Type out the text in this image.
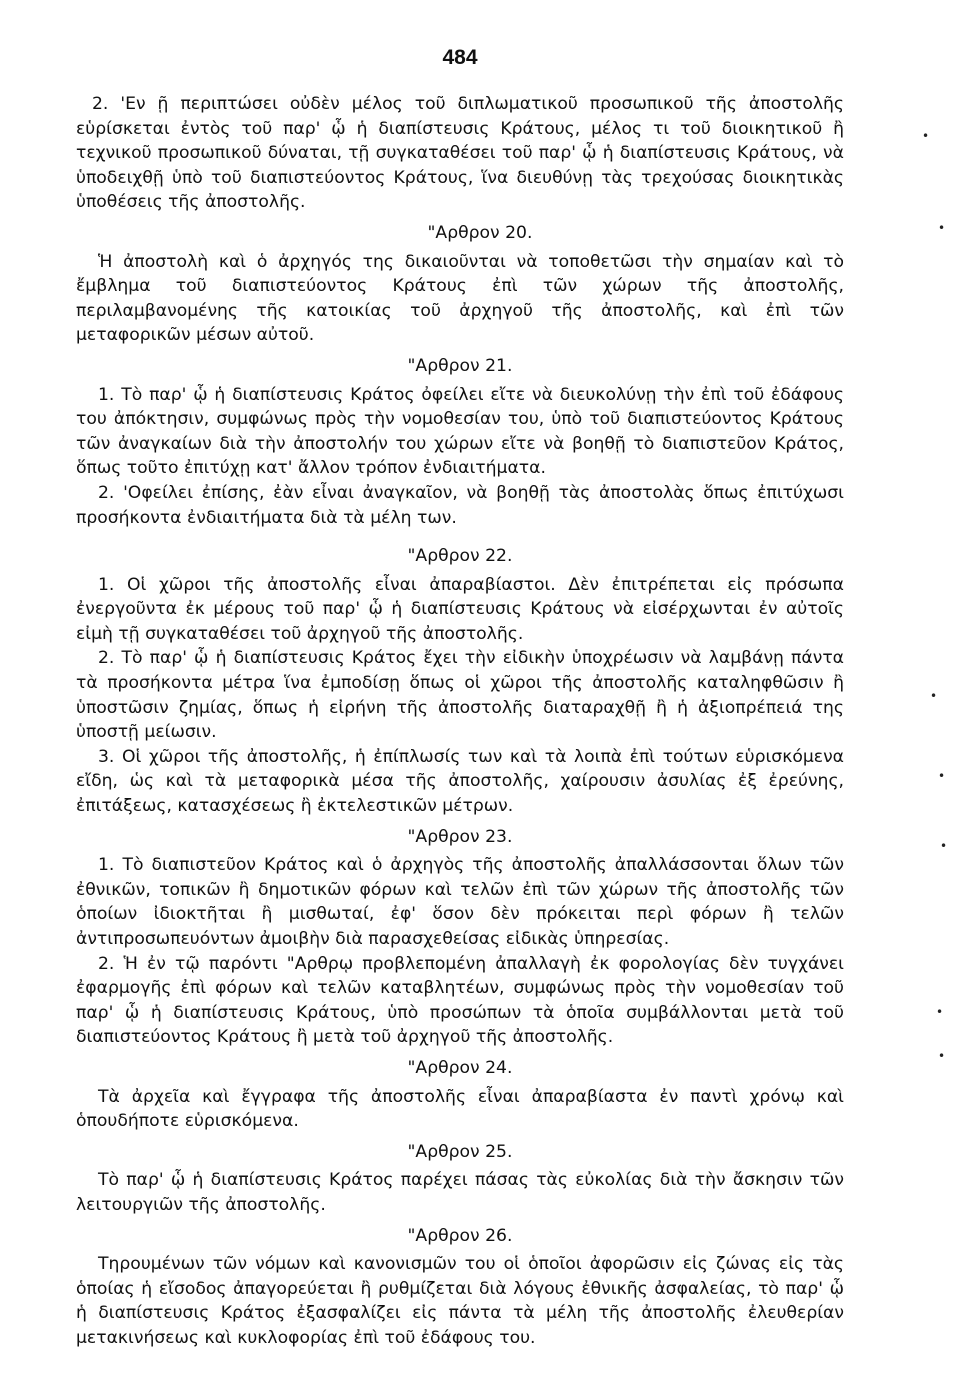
484

2. 'Εν ῇ περιπτώσει οὐδὲν μέλος τοῦ διπλωματικοῦ προσωπικοῦ τῆς ἀποστολῆς εὑρίσκεται ἐντὸς τοῦ παρ' ᾧ ἡ διαπίστευσις Κράτους, μέλος τι τοῦ διοικητικοῦ ἢ τεχνικοῦ προσωπικοῦ δύναται, τῇ συγκαταθέσει τοῦ παρ' ᾧ ἡ διαπίστευσις Κράτους, νὰ ὑποδειχθῇ ὑπὸ τοῦ διαπιστεύοντος Κράτους, ἵνα διευθύνῃ τὰς τρεχούσας διοικητικὰς ὑποθέσεις τῆς ἀποστολῆς.

"Αρθρον 20.

Ἡ ἀποστολὴ καὶ ὁ ἀρχηγός της δικαιοῦνται νὰ τοποθετῶσι τὴν σημαίαν καὶ τὸ ἔμβλημα τοῦ διαπιστεύοντος Κράτους ἐπὶ τῶν χώρων τῆς ἀποστολῆς, περιλαμβανομένης τῆς κατοικίας τοῦ ἀρχηγοῦ τῆς ἀποστολῆς, καὶ ἐπὶ τῶν μεταφορικῶν μέσων αὐτοῦ.

"Αρθρον 21.

1. Τὸ παρ' ᾧ ἡ διαπίστευσις Κράτος ὀφείλει εἴτε νὰ διευκολύνῃ τὴν ἐπὶ τοῦ ἐδάφους του ἀπόκτησιν, συμφώνως πρὸς τὴν νομοθεσίαν του, ὑπὸ τοῦ διαπιστεύοντος Κράτους τῶν ἀναγκαίων διὰ τὴν ἀποστολήν του χώρων εἴτε νὰ βοηθῇ τὸ διαπιστεῦον Κράτος, ὅπως τοῦτο ἐπιτύχῃ κατ' ἄλλον τρόπον ἐνδιαιτήματα.

2. 'Οφείλει ἐπίσης, ἐὰν εἶναι ἀναγκαῖον, νὰ βοηθῇ τὰς ἀποστολὰς ὅπως ἐπιτύχωσι προσήκοντα ἐνδιαιτήματα διὰ τὰ μέλη των.

"Αρθρον 22.

1. Οἱ χῶροι τῆς ἀποστολῆς εἶναι ἀπαραβίαστοι. Δὲν ἐπιτρέπεται εἰς πρόσωπα ἐνεργοῦντα ἐκ μέρους τοῦ παρ' ᾧ ἡ διαπίστευσις Κράτους νὰ εἰσέρχωνται ἐν αὐτοῖς εἰμὴ τῇ συγκαταθέσει τοῦ ἀρχηγοῦ τῆς ἀποστολῆς.

2. Τὸ παρ' ᾧ ἡ διαπίστευσις Κράτος ἔχει τὴν εἰδικὴν ὑποχρέωσιν νὰ λαμβάνῃ πάντα τὰ προσήκοντα μέτρα ἵνα ἐμποδίσῃ ὅπως οἱ χῶροι τῆς ἀποστολῆς καταληφθῶσιν ἢ ὑποστῶσιν ζημίας, ὅπως ἡ εἰρήνη τῆς ἀποστολῆς διαταραχθῇ ἢ ἡ ἀξιοπρέπειά της ὑποστῇ μείωσιν.

3. Οἱ χῶροι τῆς ἀποστολῆς, ἡ ἐπίπλωσίς των καὶ τὰ λοιπὰ ἐπὶ τούτων εὑρισκόμενα εἴδη, ὡς καὶ τὰ μεταφορικὰ μέσα τῆς ἀποστολῆς, χαίρουσιν ἀσυλίας ἐξ ἐρεύνης, ἐπιτάξεως, κατασχέσεως ἢ ἐκτελεστικῶν μέτρων.

"Αρθρον 23.

1. Τὸ διαπιστεῦον Κράτος καὶ ὁ ἀρχηγὸς τῆς ἀποστολῆς ἀπαλλάσσονται ὅλων τῶν ἐθνικῶν, τοπικῶν ἢ δημοτικῶν φόρων καὶ τελῶν ἐπὶ τῶν χώρων τῆς ἀποστολῆς τῶν ὁποίων ἰδιοκτῆται ἢ μισθωταί, ἐφ' ὅσον δὲν πρόκειται περὶ φόρων ἢ τελῶν ἀντιπροσωπευόντων ἀμοιβὴν διὰ παρασχεθείσας εἰδικὰς ὑπηρεσίας.

2. Ἡ ἐν τῷ παρόντι "Αρθρῳ προβλεπομένη ἀπαλλαγὴ ἐκ φορολογίας δὲν τυγχάνει ἐφαρμογῆς ἐπὶ φόρων καὶ τελῶν καταβλητέων, συμφώνως πρὸς τὴν νομοθεσίαν τοῦ παρ' ᾧ ἡ διαπίστευσις Κράτους, ὑπὸ προσώπων τὰ ὁποῖα συμβάλλονται μετὰ τοῦ διαπιστεύοντος Κράτους ἢ μετὰ τοῦ ἀρχηγοῦ τῆς ἀποστολῆς.

"Αρθρον 24.

Τὰ ἀρχεῖα καὶ ἔγγραφα τῆς ἀποστολῆς εἶναι ἀπαραβίαστα ἐν παντὶ χρόνῳ καὶ ὁπουδήποτε εὑρισκόμενα.

"Αρθρον 25.

Τὸ παρ' ᾧ ἡ διαπίστευσις Κράτος παρέχει πάσας τὰς εὐκολίας διὰ τὴν ἄσκησιν τῶν λειτουργιῶν τῆς ἀποστολῆς.

"Αρθρον 26.

Τηρουμένων τῶν νόμων καὶ κανονισμῶν του οἱ ὁποῖοι ἀφορῶσιν εἰς ζώνας εἰς τὰς ὁποίας ἡ εἴσοδος ἀπαγορεύεται ἢ ρυθμίζεται διὰ λόγους ἐθνικῆς ἀσφαλείας, τὸ παρ' ᾧ ἡ διαπίστευσις Κράτος ἐξασφαλίζει εἰς πάντα τὰ μέλη τῆς ἀποστολῆς ἐλευθερίαν μετακινήσεως καὶ κυκλοφορίας ἐπὶ τοῦ ἐδάφους του.

•
•
•
•
•
•
•
